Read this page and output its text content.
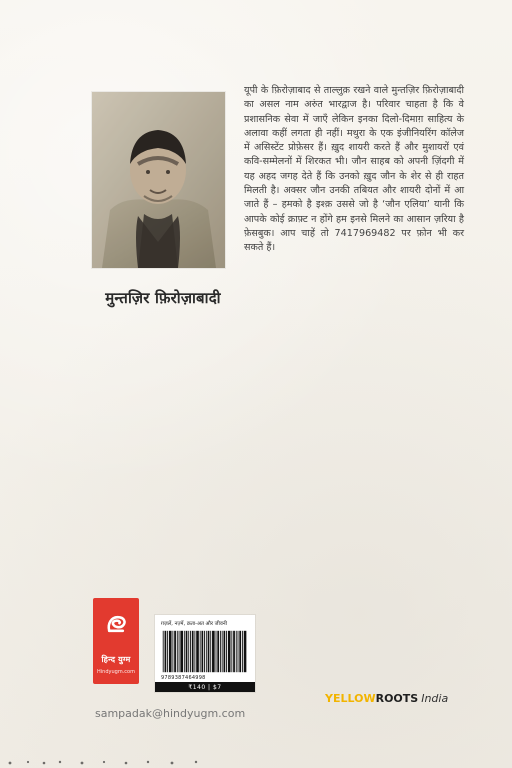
मुन्तज़िर फ़िरोज़ाबादी
यूपी के फ़िरोज़ाबाद से ताल्लुक़ रखने वाले मुन्तज़िर फ़िरोज़ाबादी का असल नाम अरुंत भारद्वाज है। परिवार चाहता है कि वे प्रशासनिक सेवा में जाएँ लेकिन इनका दिलो-दिमाग़ साहित्य के अलावा कहीं लगता ही नहीं। मथुरा के एक इंजीनियरिंग कॉलेज में असिस्टेंट प्रोफ़ेसर हैं। ख़ुद शायरी करते हैं और मुशायरों एवं कवि-सम्मेलनों में शिरकत भी। जौन साहब को अपनी ज़िंदगी में यह अहद जगह देते हैं कि उनको ख़ुद जौन के शेर से ही राहत मिलती है। अक्सर जौन उनकी तबियत और शायरी दोनों में आ जाते हैं – हमको है इश्क़ उससे जो है ‘जौन एलिया’ यानी कि आपके कोई क्राफ़्ट न होंगे हम इनसे मिलने का आसान ज़रिया है फ़ेसबुक। आप चाहें तो 7417969482 पर फ़ोन भी कर सकते हैं।
हिन्द युग्म
Hindyugm.com
ग़ज़लें, नज़्में, क़ता-अत और जीवनी
9789387464998
₹140 | $7
sampadak@hindyugm.com
YELLOWROOTS India
